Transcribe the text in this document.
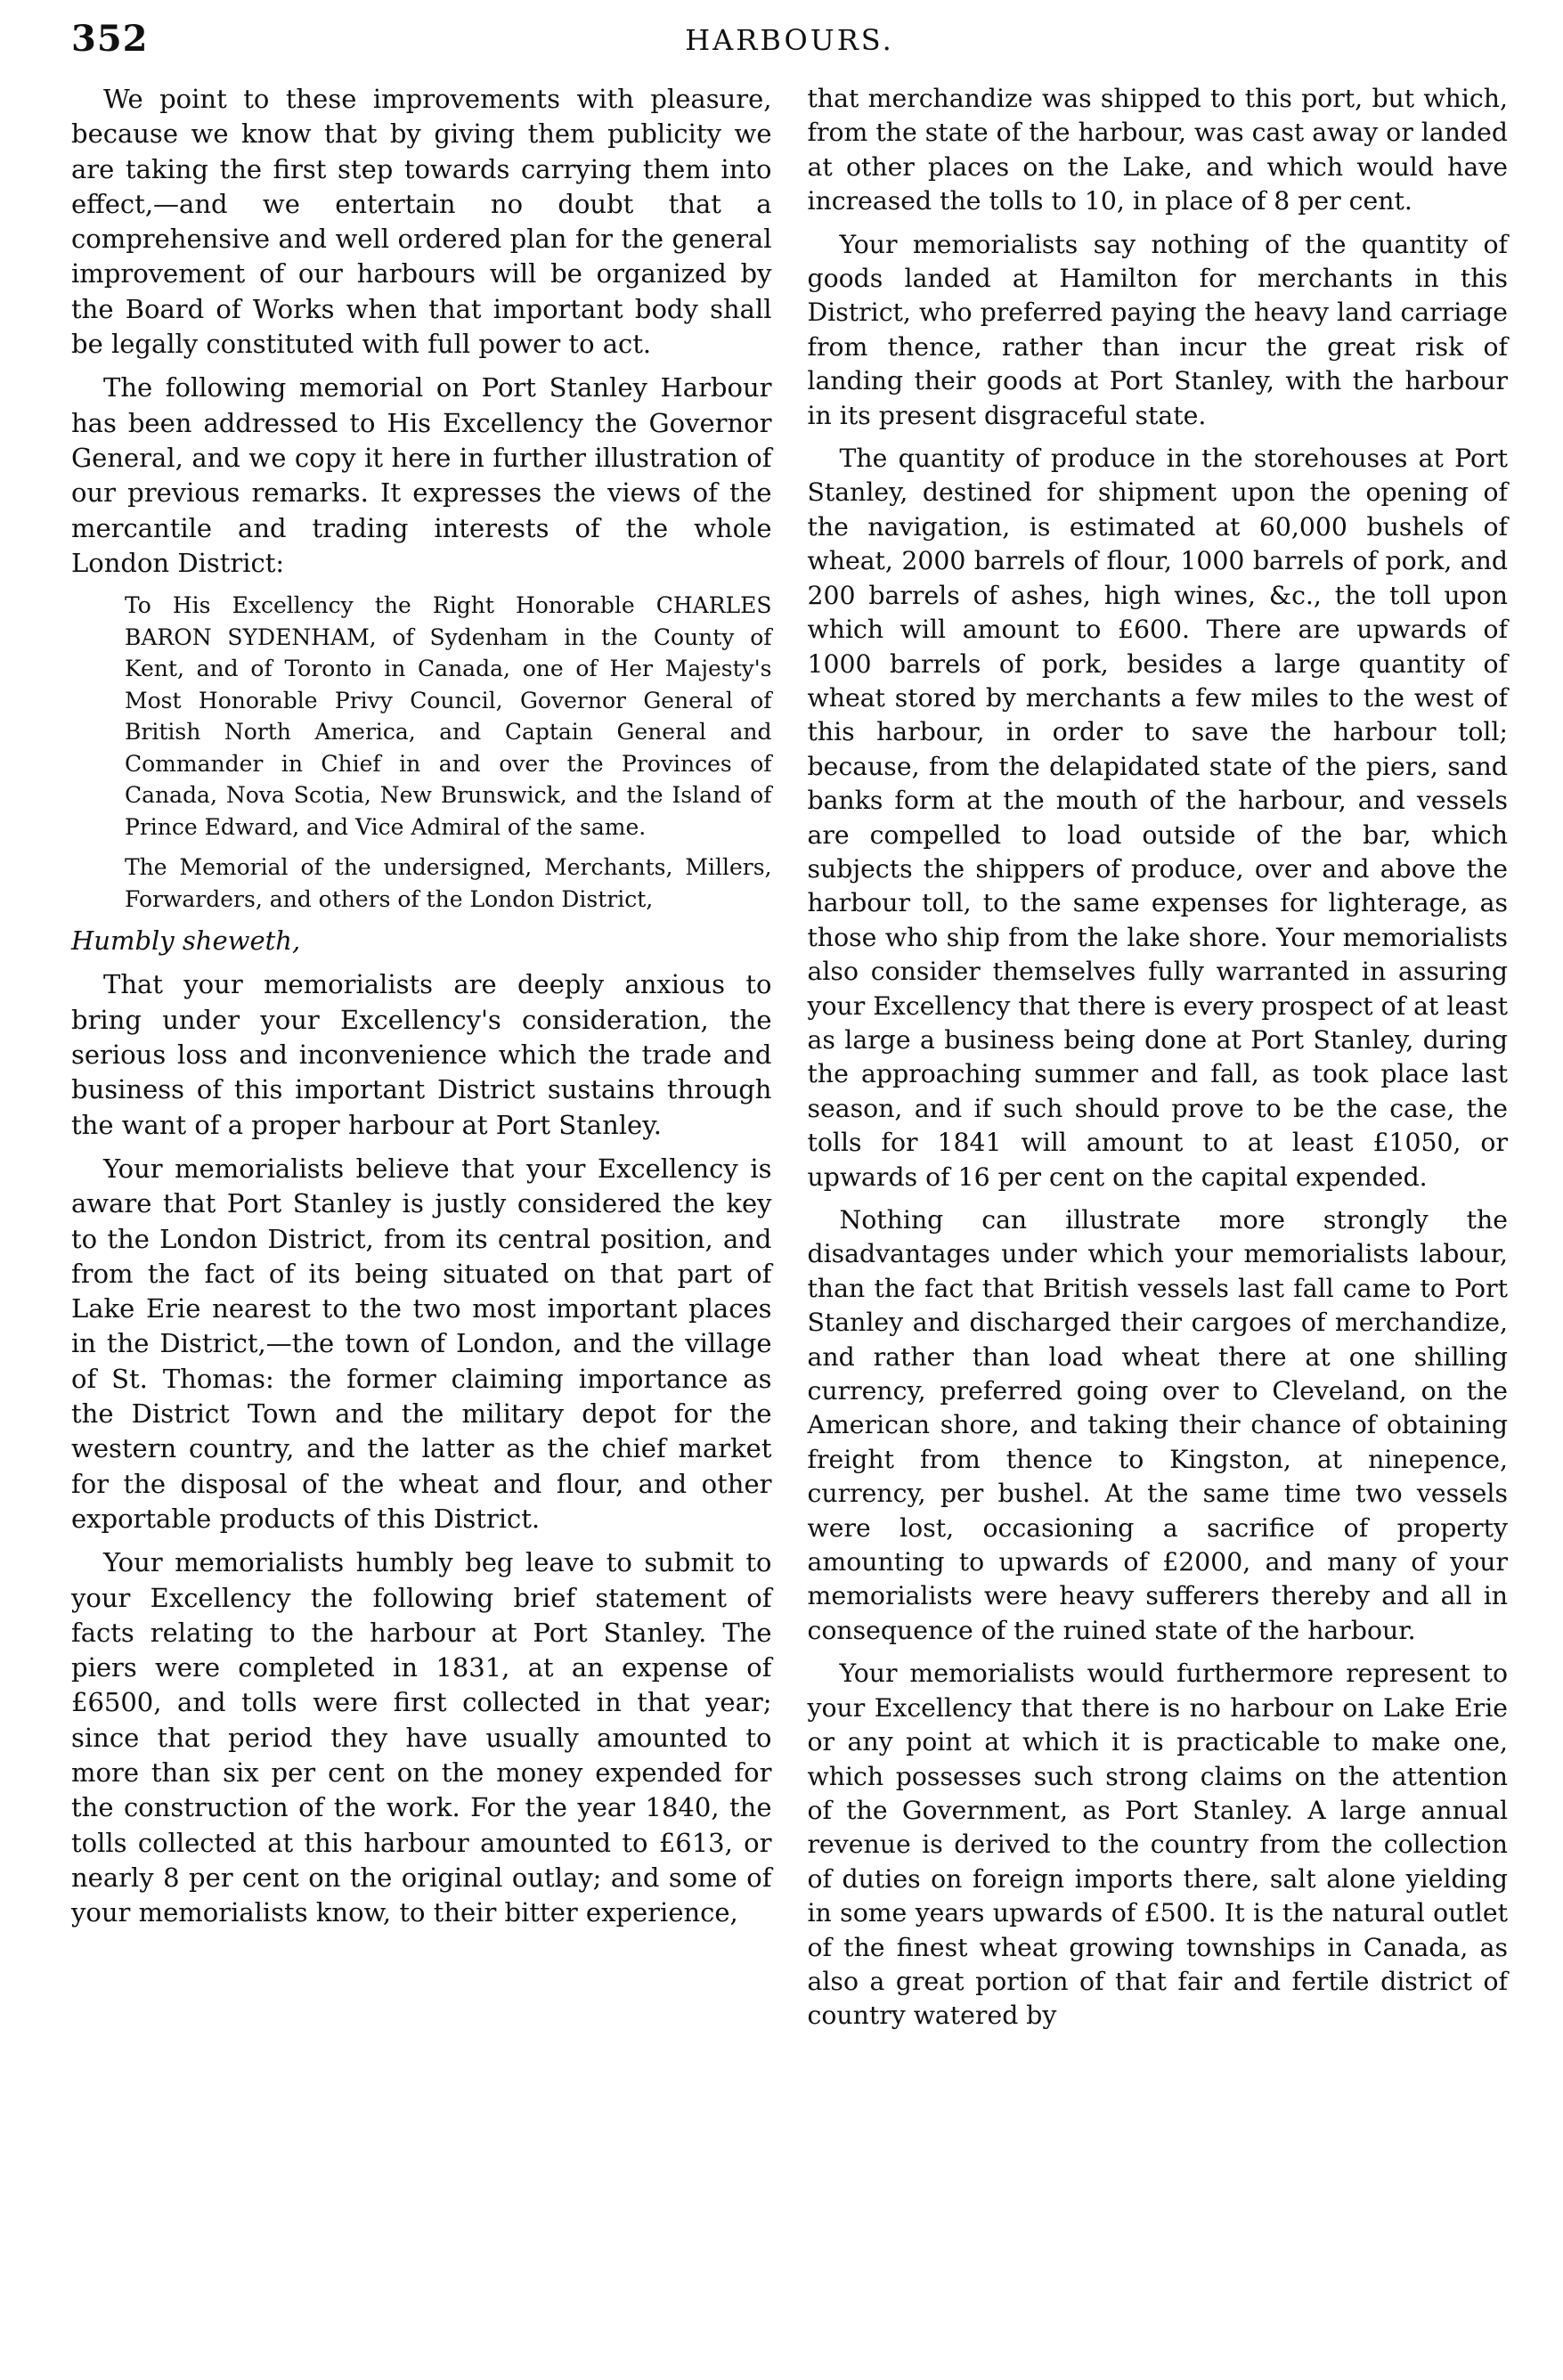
352	HARBOURS.

We point to these improvements with pleasure, because we know that by giving them publicity we are taking the first step towards carrying them into effect,—and we entertain no doubt that a comprehensive and well ordered plan for the general improvement of our harbours will be organized by the Board of Works when that important body shall be legally constituted with full power to act.

The following memorial on Port Stanley Harbour has been addressed to His Excellency the Governor General, and we copy it here in further illustration of our previous remarks. It expresses the views of the mercantile and trading interests of the whole London District:

To His Excellency the Right Honorable CHARLES BARON SYDENHAM, of Sydenham in the County of Kent, and of Toronto in Canada, one of Her Majesty's Most Honorable Privy Council, Governor General of British North America, and Captain General and Commander in Chief in and over the Provinces of Canada, Nova Scotia, New Brunswick, and the Island of Prince Edward, and Vice Admiral of the same.

The Memorial of the undersigned, Merchants, Millers, Forwarders, and others of the London District,

Humbly sheweth,

That your memorialists are deeply anxious to bring under your Excellency's consideration, the serious loss and inconvenience which the trade and business of this important District sustains through the want of a proper harbour at Port Stanley.

Your memorialists believe that your Excellency is aware that Port Stanley is justly considered the key to the London District, from its central position, and from the fact of its being situated on that part of Lake Erie nearest to the two most important places in the District,—the town of London, and the village of St. Thomas: the former claiming importance as the District Town and the military depot for the western country, and the latter as the chief market for the disposal of the wheat and flour, and other exportable products of this District.

Your memorialists humbly beg leave to submit to your Excellency the following brief statement of facts relating to the harbour at Port Stanley. The piers were completed in 1831, at an expense of £6500, and tolls were first collected in that year; since that period they have usually amounted to more than six per cent on the money expended for the construction of the work. For the year 1840, the tolls collected at this harbour amounted to £613, or nearly 8 per cent on the original outlay; and some of your memorialists know, to their bitter experience,

that merchandize was shipped to this port, but which, from the state of the harbour, was cast away or landed at other places on the Lake, and which would have increased the tolls to 10, in place of 8 per cent.

Your memorialists say nothing of the quantity of goods landed at Hamilton for merchants in this District, who preferred paying the heavy land carriage from thence, rather than incur the great risk of landing their goods at Port Stanley, with the harbour in its present disgraceful state.

The quantity of produce in the storehouses at Port Stanley, destined for shipment upon the opening of the navigation, is estimated at 60,000 bushels of wheat, 2000 barrels of flour, 1000 barrels of pork, and 200 barrels of ashes, high wines, &c., the toll upon which will amount to £600. There are upwards of 1000 barrels of pork, besides a large quantity of wheat stored by merchants a few miles to the west of this harbour, in order to save the harbour toll; because, from the delapidated state of the piers, sand banks form at the mouth of the harbour, and vessels are compelled to load outside of the bar, which subjects the shippers of produce, over and above the harbour toll, to the same expenses for lighterage, as those who ship from the lake shore. Your memorialists also consider themselves fully warranted in assuring your Excellency that there is every prospect of at least as large a business being done at Port Stanley, during the approaching summer and fall, as took place last season, and if such should prove to be the case, the tolls for 1841 will amount to at least £1050, or upwards of 16 per cent on the capital expended.

Nothing can illustrate more strongly the disadvantages under which your memorialists labour, than the fact that British vessels last fall came to Port Stanley and discharged their cargoes of merchandize, and rather than load wheat there at one shilling currency, preferred going over to Cleveland, on the American shore, and taking their chance of obtaining freight from thence to Kingston, at ninepence, currency, per bushel. At the same time two vessels were lost, occasioning a sacrifice of property amounting to upwards of £2000, and many of your memorialists were heavy sufferers thereby and all in consequence of the ruined state of the harbour.

Your memorialists would furthermore represent to your Excellency that there is no harbour on Lake Erie or any point at which it is practicable to make one, which possesses such strong claims on the attention of the Government, as Port Stanley. A large annual revenue is derived to the country from the collection of duties on foreign imports there, salt alone yielding in some years upwards of £500. It is the natural outlet of the finest wheat growing townships in Canada, as also a great portion of that fair and fertile district of country watered by
